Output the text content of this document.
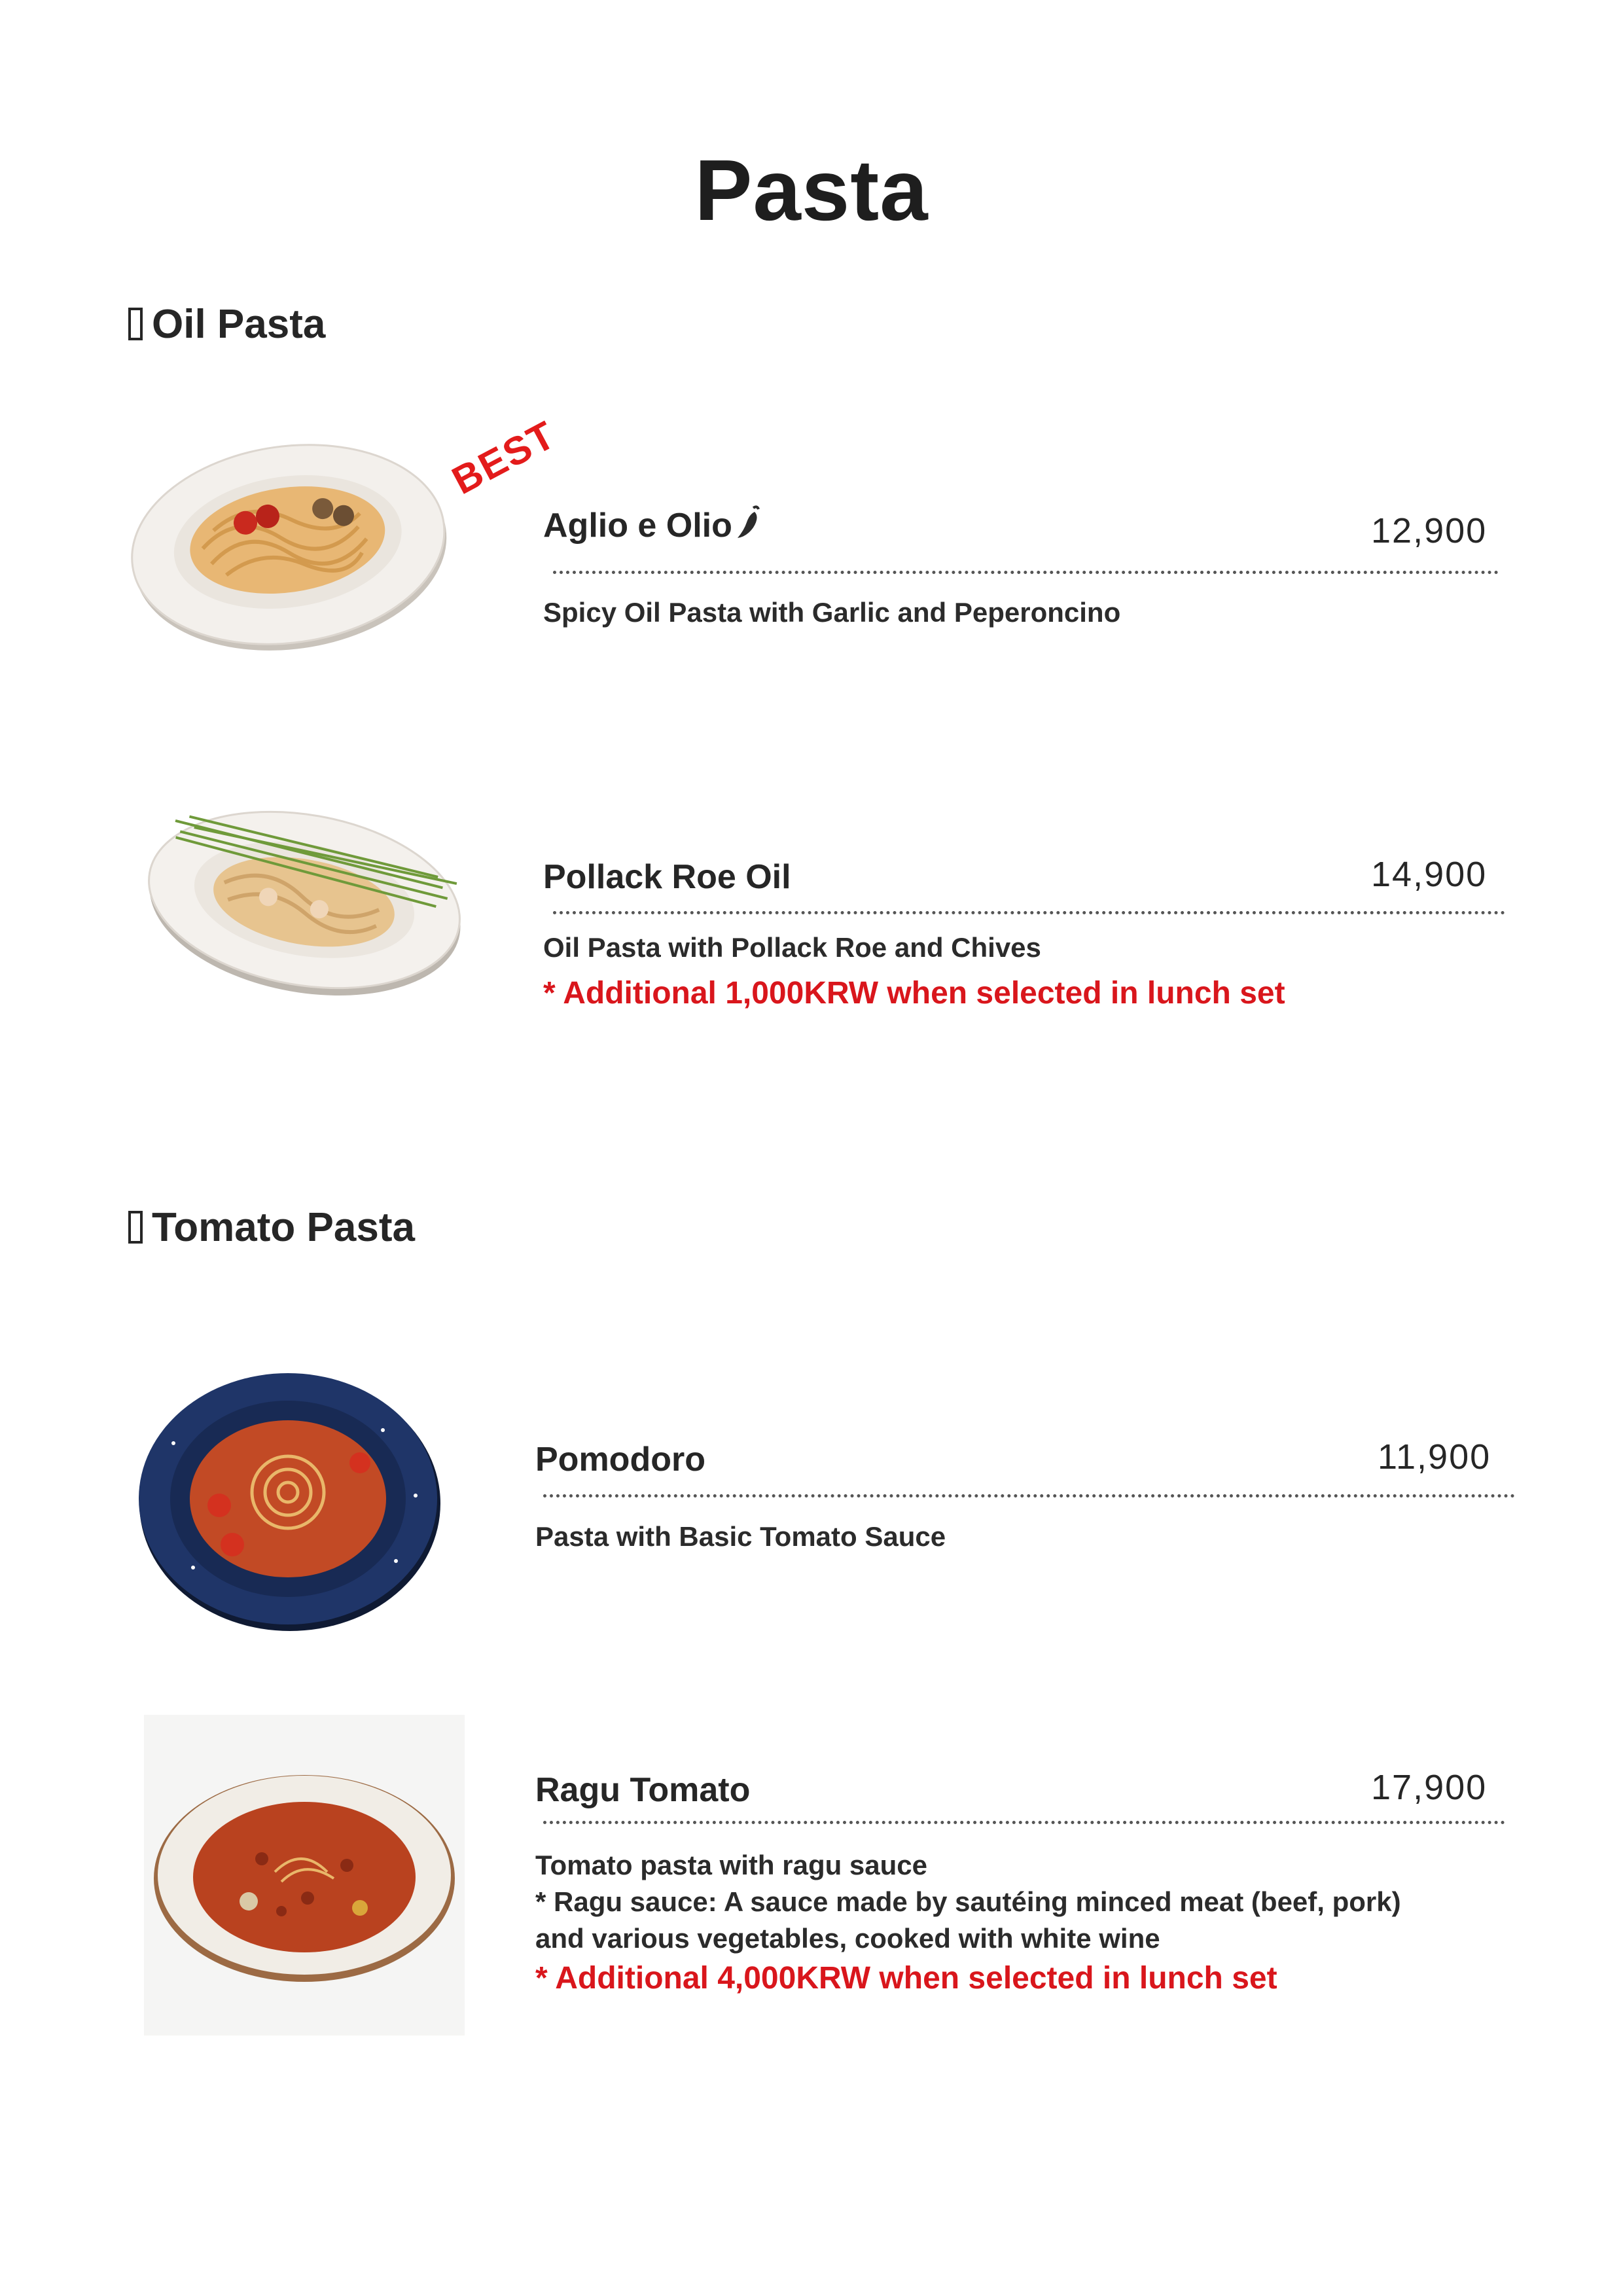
Pasta
Oil Pasta
BEST
Aglio e Olio	12,900
Spicy Oil Pasta with Garlic and Peperoncino
Pollack Roe Oil	14,900
Oil Pasta with Pollack Roe and Chives
* Additional 1,000KRW when selected in lunch set
Tomato Pasta
Pomodoro	11,900
Pasta with Basic Tomato Sauce
Ragu Tomato	17,900
Tomato pasta with ragu sauce
* Ragu sauce: A sauce made by sautéing minced meat (beef, pork)
and various vegetables, cooked with white wine
* Additional 4,000KRW when selected in lunch set
